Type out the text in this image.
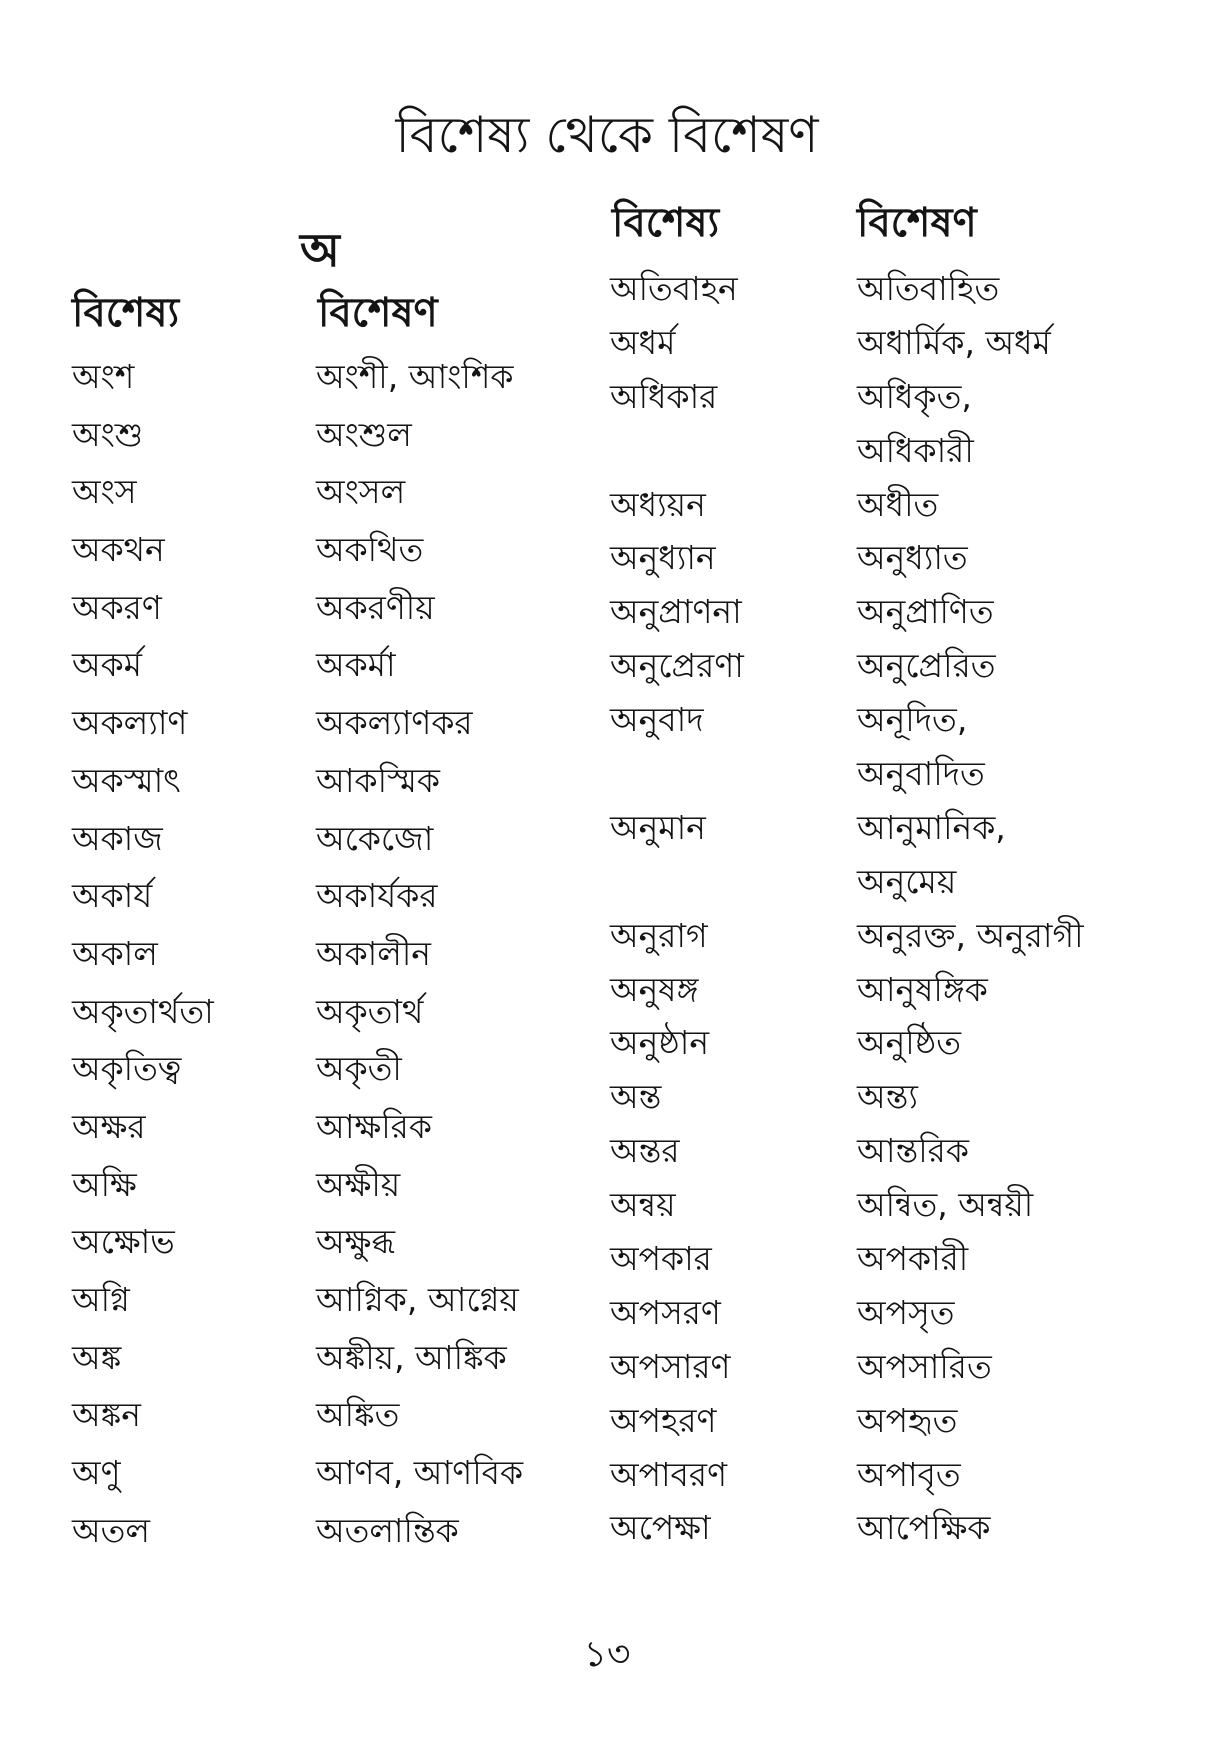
বিশেষ্য থেকে বিশেষণ
অ
বিশেষ্য	বিশেষণ
বিশেষ্য	বিশেষণ
অংশ
অংশু
অংস
অকথন
অকরণ
অকর্ম
অকল্যাণ
অকস্মাৎ
অকাজ
অকার্য
অকাল
অকৃতার্থতা
অকৃতিত্ব
অক্ষর
অক্ষি
অক্ষোভ
অগ্নি
অঙ্ক
অঙ্কন
অণু
অতল
অংশী, আংশিক
অংশুল
অংসল
অকথিত
অকরণীয়
অকর্মা
অকল্যাণকর
আকস্মিক
অকেজো
অকার্যকর
অকালীন
অকৃতার্থ
অকৃতী
আক্ষরিক
অক্ষীয়
অক্ষুব্ধ
আগ্নিক, আগ্নেয়
অঙ্কীয়, আঙ্কিক
অঙ্কিত
আণব, আণবিক
অতলান্তিক
অতিবাহন
অধর্ম
অধিকার
অধ্যয়ন
অনুধ্যান
অনুপ্রাণনা
অনুপ্রেরণা
অনুবাদ
অনুমান
অনুরাগ
অনুষঙ্গ
অনুষ্ঠান
অন্ত
অন্তর
অন্বয়
অপকার
অপসরণ
অপসারণ
অপহরণ
অপাবরণ
অপেক্ষা
অতিবাহিত
অধার্মিক, অধর্ম
অধিকৃত,
অধিকারী
অধীত
অনুধ্যাত
অনুপ্রাণিত
অনুপ্রেরিত
অনূদিত,
অনুবাদিত
আনুমানিক,
অনুমেয়
অনুরক্ত, অনুরাগী
আনুষঙ্গিক
অনুষ্ঠিত
অন্ত্য
আন্তরিক
অন্বিত, অন্বয়ী
অপকারী
অপসৃত
অপসারিত
অপহৃত
অপাবৃত
আপেক্ষিক
১৩
